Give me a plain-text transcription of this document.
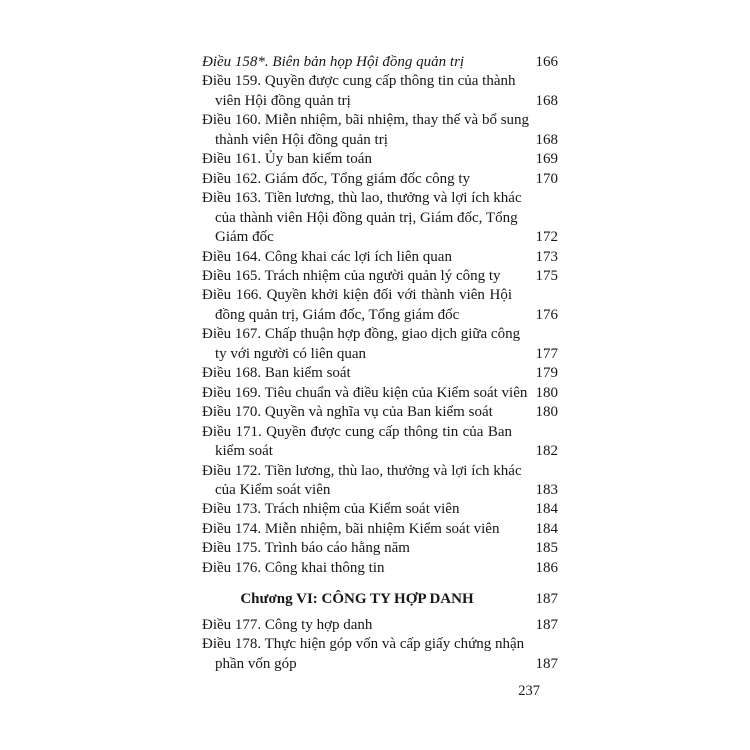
Điều 158*. Biên bản họp Hội đồng quản trị	166
Điều 159. Quyền được cung cấp thông tin của thành
viên Hội đồng quản trị	168
Điều 160. Miễn nhiệm, bãi nhiệm, thay thế và bổ sung
thành viên Hội đồng quản trị	168
Điều 161. Ủy ban kiểm toán	169
Điều 162. Giám đốc, Tổng giám đốc công ty	170
Điều 163. Tiền lương, thù lao, thưởng và lợi ích khác
của thành viên Hội đồng quản trị, Giám đốc, Tổng
Giám đốc	172
Điều 164. Công khai các lợi ích liên quan	173
Điều 165. Trách nhiệm của người quản lý công ty	175
Điều 166. Quyền khởi kiện đối với thành viên Hội
đồng quản trị, Giám đốc, Tổng giám đốc	176
Điều 167. Chấp thuận hợp đồng, giao dịch giữa công
ty với người có liên quan	177
Điều 168. Ban kiểm soát	179
Điều 169. Tiêu chuẩn và điều kiện của Kiểm soát viên 180
Điều 170. Quyền và nghĩa vụ của Ban kiểm soát	180
Điều 171. Quyền được cung cấp thông tin của Ban
kiểm soát	182
Điều 172. Tiền lương, thù lao, thưởng và lợi ích khác
của Kiểm soát viên	183
Điều 173. Trách nhiệm của Kiểm soát viên	184
Điều 174. Miễn nhiệm, bãi nhiệm Kiểm soát viên	184
Điều 175. Trình báo cáo hằng năm	185
Điều 176. Công khai thông tin	186
Chương VI: CÔNG TY HỢP DANH	187
Điều 177. Công ty hợp danh	187
Điều 178. Thực hiện góp vốn và cấp giấy chứng nhận
phần vốn góp	187
237
